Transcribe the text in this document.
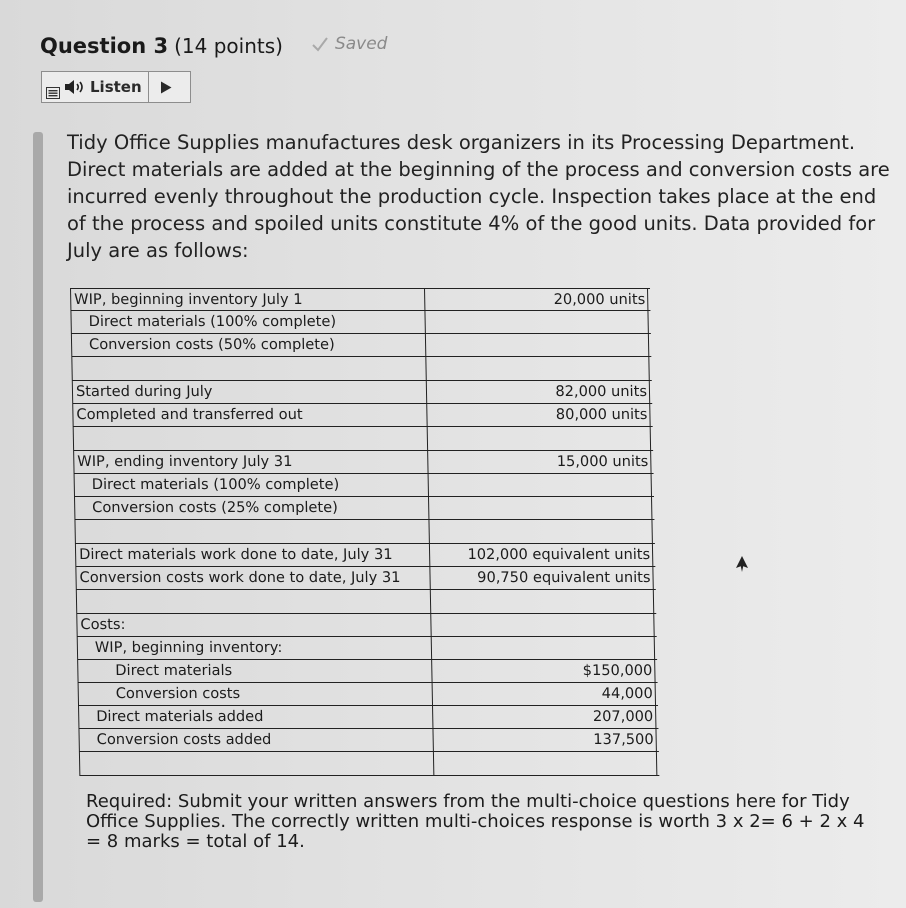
Question 3 (14 points)	Saved
Listen
Tidy Office Supplies manufactures desk organizers in its Processing Department. Direct materials are added at the beginning of the process and conversion costs are incurred evenly throughout the production cycle. Inspection takes place at the end of the process and spoiled units constitute 4% of the good units. Data provided for July are as follows:
WIP, beginning inventory July 1	20,000 units
Direct materials (100% complete)
Conversion costs (50% complete)
Started during July	82,000 units
Completed and transferred out	80,000 units
WIP, ending inventory July 31	15,000 units
Direct materials (100% complete)
Conversion costs (25% complete)
Direct materials work done to date, July 31	102,000 equivalent units
Conversion costs work done to date, July 31	90,750 equivalent units
Costs:
WIP, beginning inventory:
Direct materials	$150,000
Conversion costs	44,000
Direct materials added	207,000
Conversion costs added	137,500
Required: Submit your written answers from the multi-choice questions here for Tidy Office Supplies. The correctly written multi-choices response is worth 3 x 2= 6 + 2 x 4 = 8 marks = total of 14.
